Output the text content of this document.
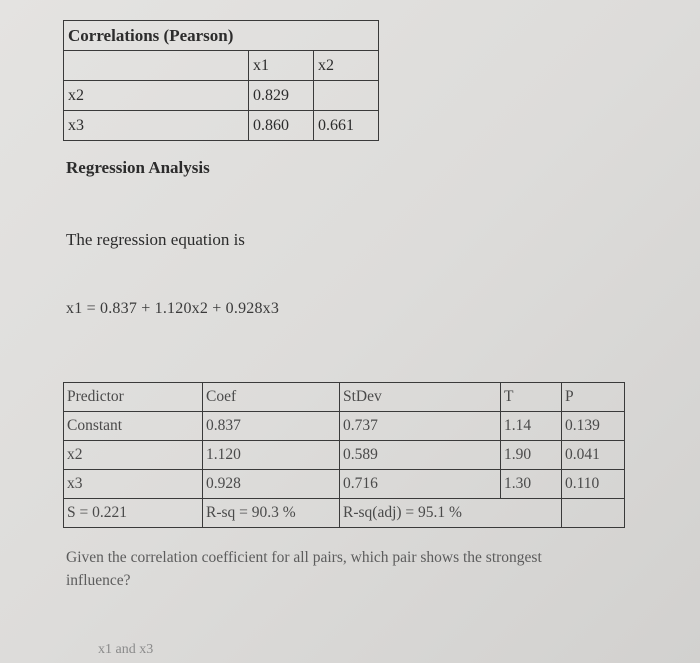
Correlations (Pearson)		
	x1	x2
x2	0.829	
x3	0.860	0.661
Regression Analysis
The regression equation is
x1 = 0.837 + 1.120x2 + 0.928x3
Predictor	Coef	StDev	T	P
Constant	0.837	0.737	1.14	0.139
x2	1.120	0.589	1.90	0.041
x3	0.928	0.716	1.30	0.110
S = 0.221	R-sq = 90.3 %	R-sq(adj) = 95.1 %		
Given the correlation coefficient for all pairs, which pair shows the strongest influence?
x1 and x3
